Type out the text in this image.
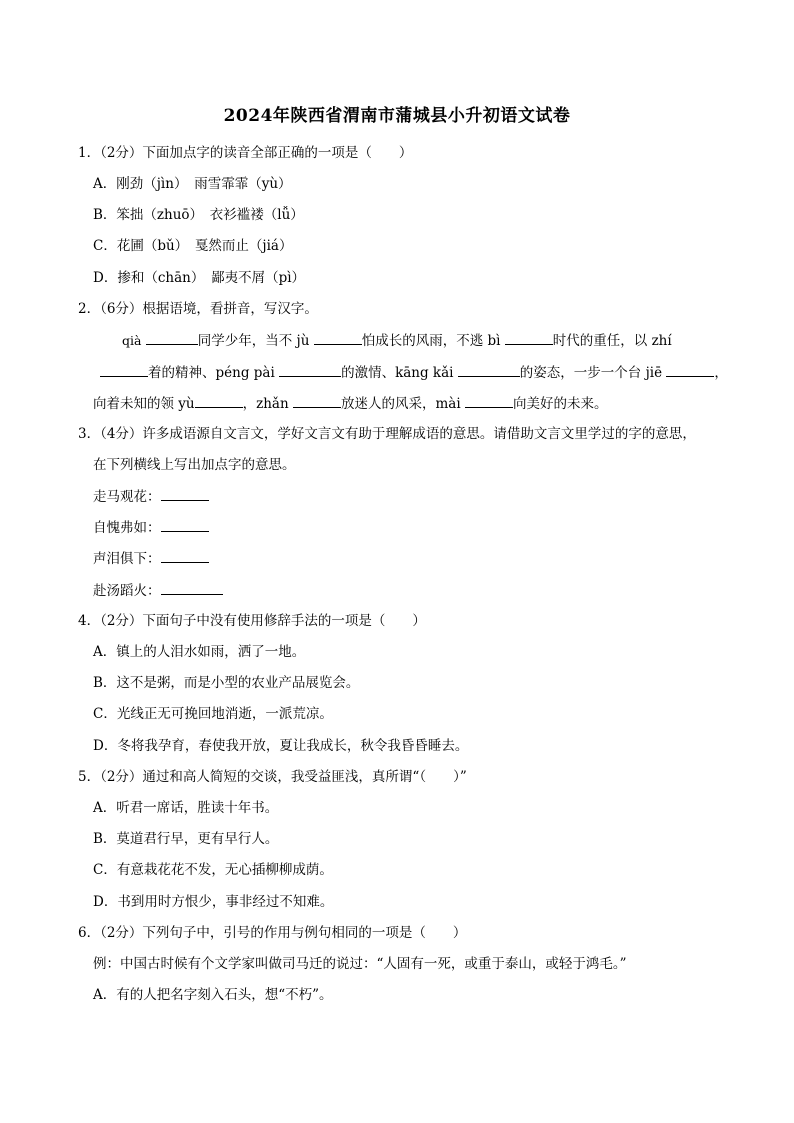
2024年陕西省渭南市蒲城县小升初语文试卷
1．（2分）下面加点字的读音全部正确的一项是（　　）
A．刚劲（jìn）　雨雪霏霏（yù）
B．笨拙（zhuō）　衣衫褴褛（lǚ）
C．花圃（bǔ）　戛然而止（jiá）
D．掺和（chān）　鄙夷不屑（pì）
2．（6分）根据语境，看拼音，写汉字。
qià	同学少年，当不 jù	怕成长的风雨，不逃 bì	时代的重任，以 zhí
着的精神、péng pài	的激情、kāng kǎi	的姿态，一步一个台 jiē	，
向着未知的领 yù	，zhǎn	放迷人的风采，mài	向美好的未来。
3．（4分）许多成语源自文言文，学好文言文有助于理解成语的意思。请借助文言文里学过的字的意思，
在下列横线上写出加点字的意思。
走马观花：
自愧弗如：
声泪俱下：
赴汤蹈火：
4．（2分）下面句子中没有使用修辞手法的一项是（　　）
A．镇上的人泪水如雨，洒了一地。
B．这不是粥，而是小型的农业产品展览会。
C．光线正无可挽回地消逝，一派荒凉。
D．冬将我孕育，春使我开放，夏让我成长，秋令我昏昏睡去。
5．（2分）通过和高人简短的交谈，我受益匪浅，真所谓“（　　）”
A．听君一席话，胜读十年书。
B．莫道君行早，更有早行人。
C．有意栽花花不发，无心插柳柳成荫。
D．书到用时方恨少，事非经过不知难。
6．（2分）下列句子中，引号的作用与例句相同的一项是（　　）
例：中国古时候有个文学家叫做司马迁的说过：“人固有一死，或重于泰山，或轻于鸿毛。”
A．有的人把名字刻入石头，想“不朽”。
